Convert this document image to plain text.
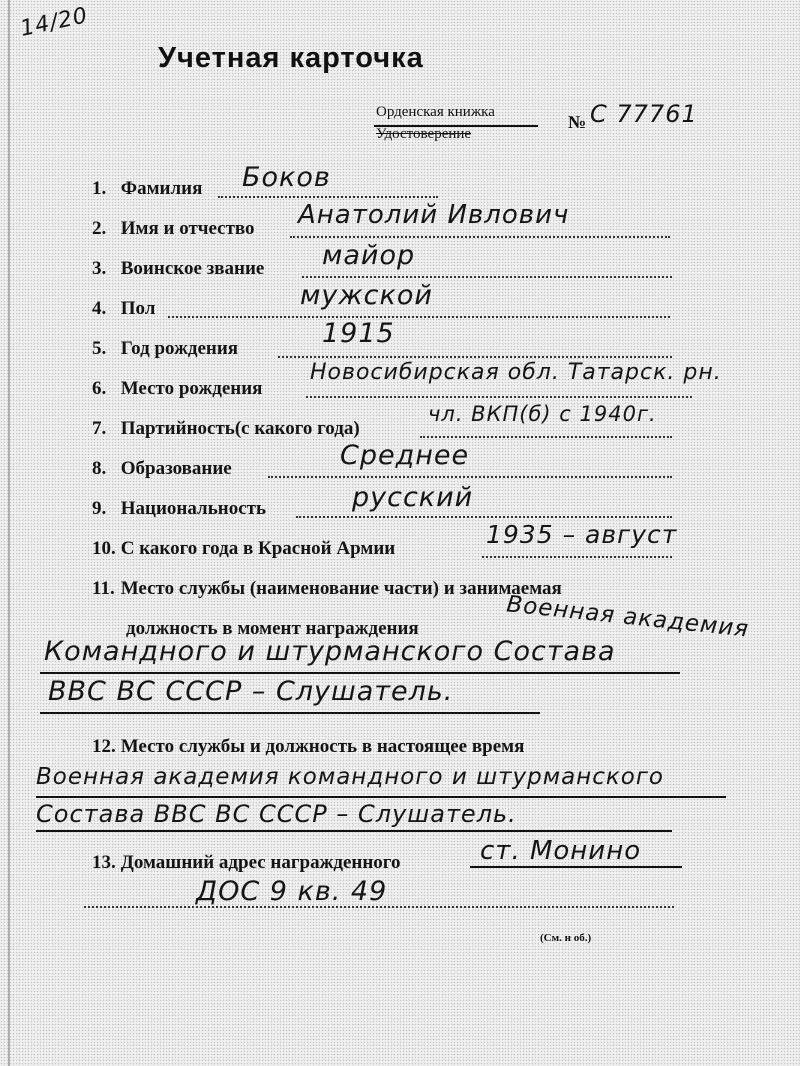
14/20
Учетная карточка
Орденская книжка
Удостоверение
№ С 77761
1. Фамилия Боков
2. Имя и отчество Анатолий Ивлович
3. Воинское звание майор
4. Пол	мужской
5. Год рождения	1915
6. Место рождения
Новосибирская обл. Татарск. рн.
7. Партийность(с какого года)
чл. ВКП(б) с 1940г.
8. Образование	Среднее
9. Национальность	русский
10. С какого года в Красной Армии	1935 – август
11. Место службы (наименование части) и занимаемая
должность в момент награждения	Военная академия
Командного и штурманского Состава
ВВС ВС СССР – Слушатель.
12. Место службы и должность в настоящее время
Военная академия командного и штурманского
Состава ВВС ВС СССР – Слушатель.
13. Домашний адрес награжденного	ст. Монино
ДОС 9 кв. 49
(См. н об.)
